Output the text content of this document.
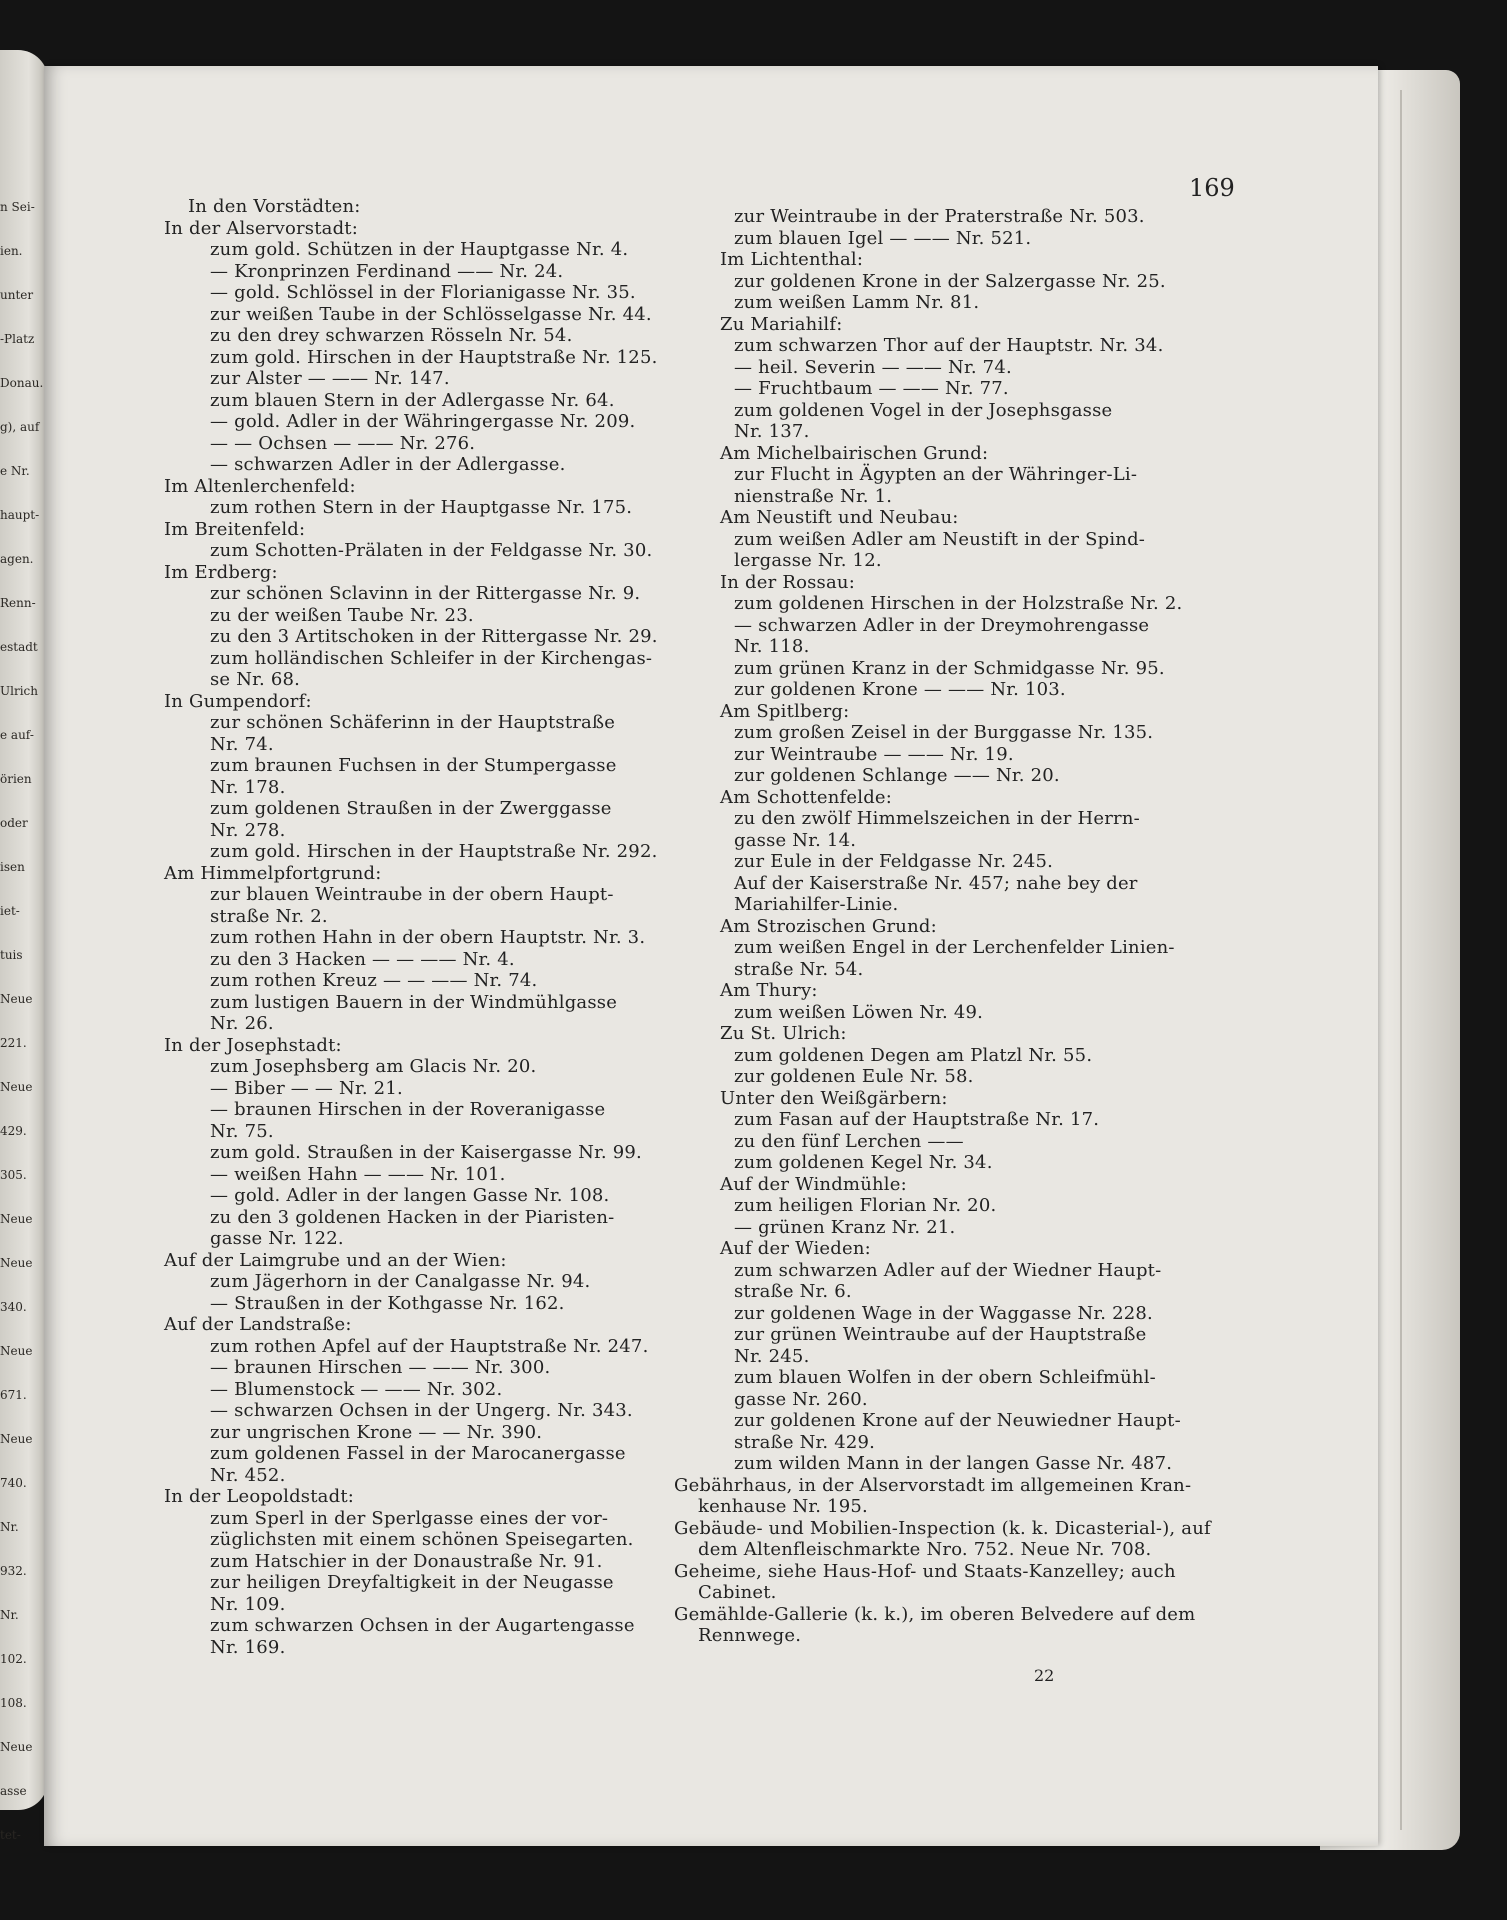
n Sei-
ien.
unter
-Platz
Donau.
g), auf
e Nr.
haupt-
agen.
Renn-
estadt
Ulrich
e auf-
örien
oder
isen
iet-
tuis
Neue
221.
Neue
429.
305.
Neue
Neue
340.
Neue
671.
Neue
740.
Nr.
932.
Nr.
102.
108.
Neue
asse
tet-
169
In den Vorstädten:
In der Alservorstadt:
zum gold. Schützen in der Hauptgasse Nr. 4.
— Kronprinzen Ferdinand —— Nr. 24.
— gold. Schlössel in der Florianigasse Nr. 35.
zur weißen Taube in der Schlösselgasse Nr. 44.
zu den drey schwarzen Rösseln Nr. 54.
zum gold. Hirschen in der Hauptstraße Nr. 125.
zur Alster — —— Nr. 147.
zum blauen Stern in der Adlergasse Nr. 64.
— gold. Adler in der Währingergasse Nr. 209.
— — Ochsen — —— Nr. 276.
— schwarzen Adler in der Adlergasse.
Im Altenlerchenfeld:
zum rothen Stern in der Hauptgasse Nr. 175.
Im Breitenfeld:
zum Schotten-Prälaten in der Feldgasse Nr. 30.
Im Erdberg:
zur schönen Sclavinn in der Rittergasse Nr. 9.
zu der weißen Taube Nr. 23.
zu den 3 Artitschoken in der Rittergasse Nr. 29.
zum holländischen Schleifer in der Kirchengas-
se Nr. 68.
In Gumpendorf:
zur schönen Schäferinn in der Hauptstraße
Nr. 74.
zum braunen Fuchsen in der Stumpergasse
Nr. 178.
zum goldenen Straußen in der Zwerggasse
Nr. 278.
zum gold. Hirschen in der Hauptstraße Nr. 292.
Am Himmelpfortgrund:
zur blauen Weintraube in der obern Haupt-
straße Nr. 2.
zum rothen Hahn in der obern Hauptstr. Nr. 3.
zu den 3 Hacken — — —— Nr. 4.
zum rothen Kreuz — — —— Nr. 74.
zum lustigen Bauern in der Windmühlgasse
Nr. 26.
In der Josephstadt:
zum Josephsberg am Glacis Nr. 20.
— Biber — — Nr. 21.
— braunen Hirschen in der Roveranigasse
Nr. 75.
zum gold. Straußen in der Kaisergasse Nr. 99.
— weißen Hahn — —— Nr. 101.
— gold. Adler in der langen Gasse Nr. 108.
zu den 3 goldenen Hacken in der Piaristen-
gasse Nr. 122.
Auf der Laimgrube und an der Wien:
zum Jägerhorn in der Canalgasse Nr. 94.
— Straußen in der Kothgasse Nr. 162.
Auf der Landstraße:
zum rothen Apfel auf der Hauptstraße Nr. 247.
— braunen Hirschen — —— Nr. 300.
— Blumenstock — —— Nr. 302.
— schwarzen Ochsen in der Ungerg. Nr. 343.
zur ungrischen Krone — — Nr. 390.
zum goldenen Fassel in der Marocanergasse
Nr. 452.
In der Leopoldstadt:
zum Sperl in der Sperlgasse eines der vor-
züglichsten mit einem schönen Speisegarten.
zum Hatschier in der Donaustraße Nr. 91.
zur heiligen Dreyfaltigkeit in der Neugasse
Nr. 109.
zum schwarzen Ochsen in der Augartengasse
Nr. 169.
zur Weintraube in der Praterstraße Nr. 503.
zum blauen Igel — —— Nr. 521.
Im Lichtenthal:
zur goldenen Krone in der Salzergasse Nr. 25.
zum weißen Lamm Nr. 81.
Zu Mariahilf:
zum schwarzen Thor auf der Hauptstr. Nr. 34.
— heil. Severin — —— Nr. 74.
— Fruchtbaum — —— Nr. 77.
zum goldenen Vogel in der Josephsgasse
Nr. 137.
Am Michelbairischen Grund:
zur Flucht in Ägypten an der Währinger-Li-
nienstraße Nr. 1.
Am Neustift und Neubau:
zum weißen Adler am Neustift in der Spind-
lergasse Nr. 12.
In der Rossau:
zum goldenen Hirschen in der Holzstraße Nr. 2.
— schwarzen Adler in der Dreymohrengasse
Nr. 118.
zum grünen Kranz in der Schmidgasse Nr. 95.
zur goldenen Krone — —— Nr. 103.
Am Spitlberg:
zum großen Zeisel in der Burggasse Nr. 135.
zur Weintraube — —— Nr. 19.
zur goldenen Schlange —— Nr. 20.
Am Schottenfelde:
zu den zwölf Himmelszeichen in der Herrn-
gasse Nr. 14.
zur Eule in der Feldgasse Nr. 245.
Auf der Kaiserstraße Nr. 457; nahe bey der
Mariahilfer-Linie.
Am Strozischen Grund:
zum weißen Engel in der Lerchenfelder Linien-
straße Nr. 54.
Am Thury:
zum weißen Löwen Nr. 49.
Zu St. Ulrich:
zum goldenen Degen am Platzl Nr. 55.
zur goldenen Eule Nr. 58.
Unter den Weißgärbern:
zum Fasan auf der Hauptstraße Nr. 17.
zu den fünf Lerchen ——
zum goldenen Kegel Nr. 34.
Auf der Windmühle:
zum heiligen Florian Nr. 20.
— grünen Kranz Nr. 21.
Auf der Wieden:
zum schwarzen Adler auf der Wiedner Haupt-
straße Nr. 6.
zur goldenen Wage in der Waggasse Nr. 228.
zur grünen Weintraube auf der Hauptstraße
Nr. 245.
zum blauen Wolfen in der obern Schleifmühl-
gasse Nr. 260.
zur goldenen Krone auf der Neuwiedner Haupt-
straße Nr. 429.
zum wilden Mann in der langen Gasse Nr. 487.
Gebährhaus, in der Alservorstadt im allgemeinen Kran-
kenhause Nr. 195.
Gebäude- und Mobilien-Inspection (k. k. Dicasterial-), auf
dem Altenfleischmarkte Nro. 752. Neue Nr. 708.
Geheime, siehe Haus-Hof- und Staats-Kanzelley; auch
Cabinet.
Gemählde-Gallerie (k. k.), im oberen Belvedere auf dem
Rennwege.
22
